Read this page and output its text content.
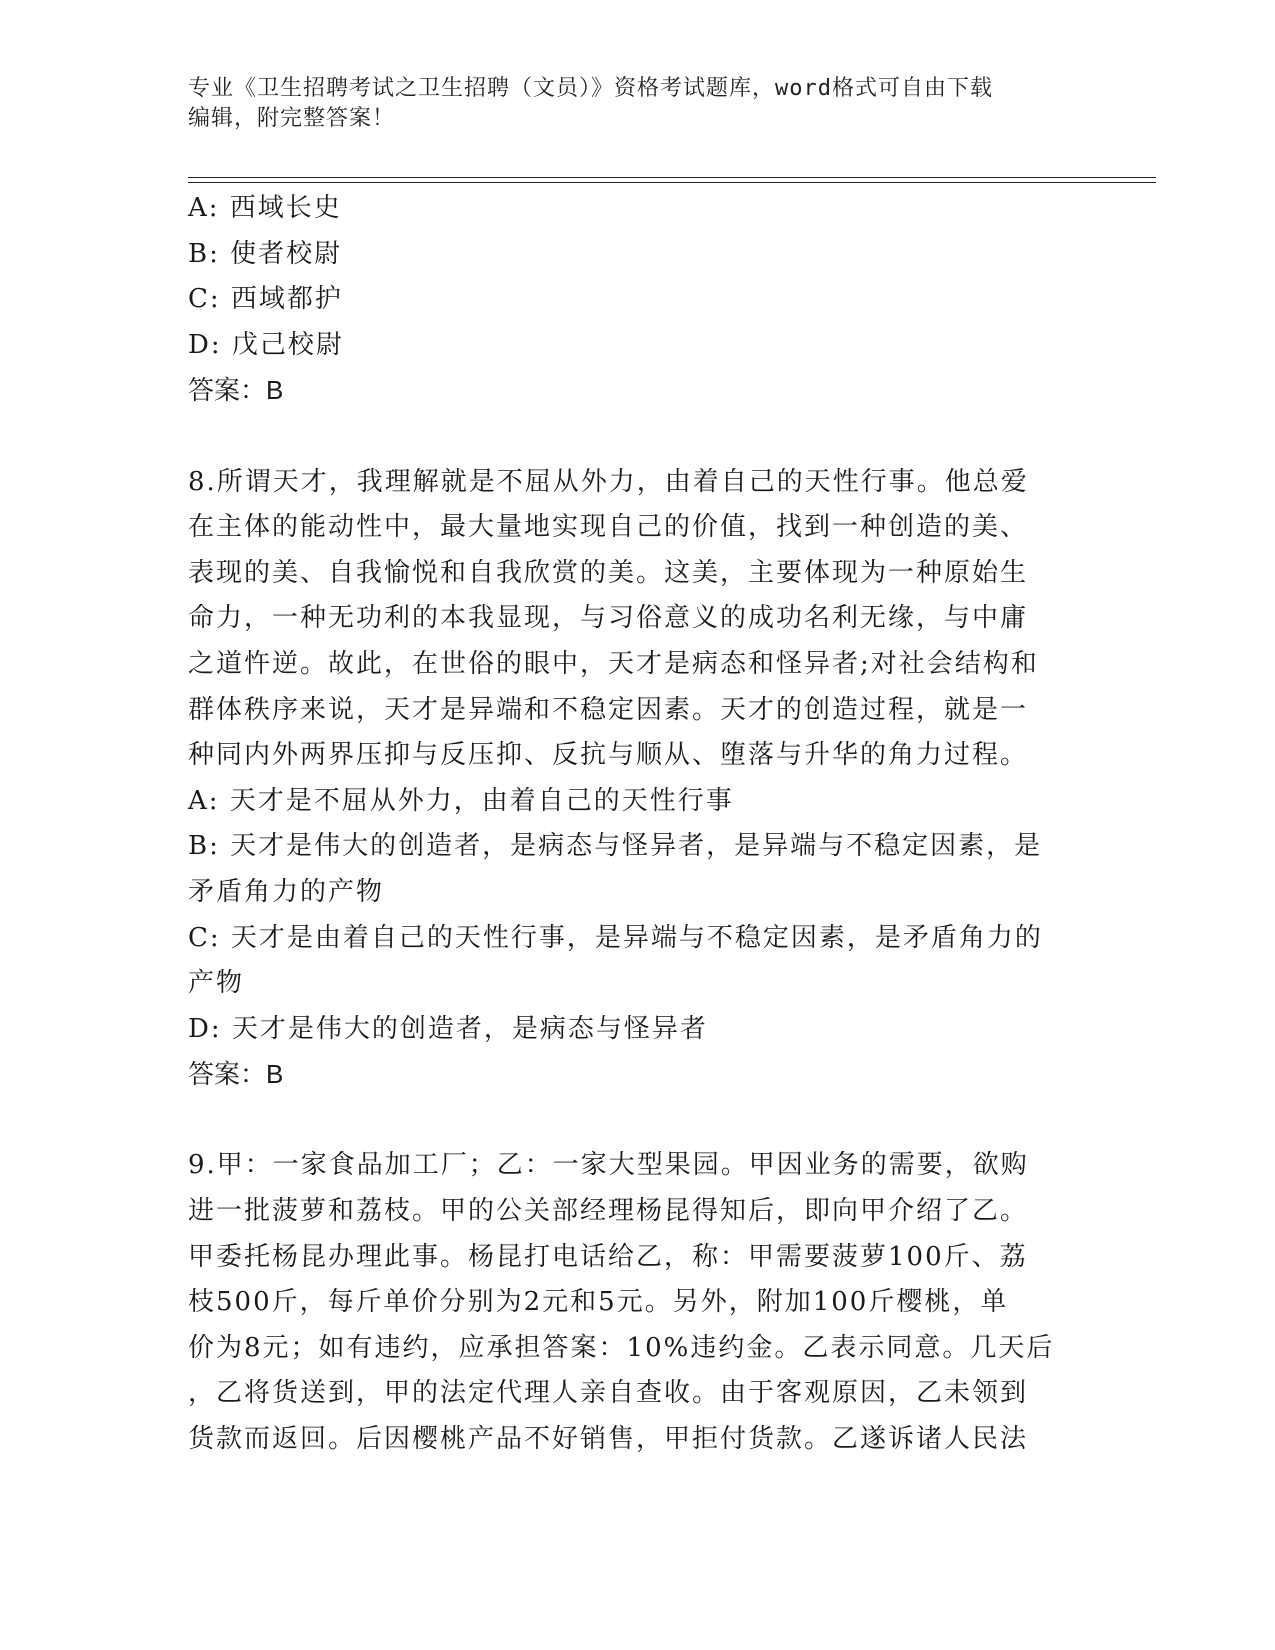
专业《卫生招聘考试之卫生招聘（文员）》资格考试题库，word格式可自由下载
编辑，附完整答案！
A: 西域长史
B: 使者校尉
C: 西域都护
D: 戊己校尉
答案：B
8.所谓天才，我理解就是不屈从外力，由着自己的天性行事。他总爱
在主体的能动性中，最大量地实现自己的价值，找到一种创造的美、
表现的美、自我愉悦和自我欣赏的美。这美，主要体现为一种原始生
命力，一种无功利的本我显现，与习俗意义的成功名利无缘，与中庸
之道忤逆。故此，在世俗的眼中，天才是病态和怪异者;对社会结构和
群体秩序来说，天才是异端和不稳定因素。天才的创造过程，就是一
种同内外两界压抑与反压抑、反抗与顺从、堕落与升华的角力过程。
A: 天才是不屈从外力，由着自己的天性行事
B: 天才是伟大的创造者，是病态与怪异者，是异端与不稳定因素，是
矛盾角力的产物
C: 天才是由着自己的天性行事，是异端与不稳定因素，是矛盾角力的
产物
D: 天才是伟大的创造者，是病态与怪异者
答案：B
9.甲：一家食品加工厂；乙：一家大型果园。甲因业务的需要，欲购
进一批菠萝和荔枝。甲的公关部经理杨昆得知后，即向甲介绍了乙。
甲委托杨昆办理此事。杨昆打电话给乙，称：甲需要菠萝100斤、荔
枝500斤，每斤单价分别为2元和5元。另外，附加100斤樱桃，单
价为8元；如有违约，应承担答案：10%违约金。乙表示同意。几天后
，乙将货送到，甲的法定代理人亲自查收。由于客观原因，乙未领到
货款而返回。后因樱桃产品不好销售，甲拒付货款。乙遂诉诸人民法
